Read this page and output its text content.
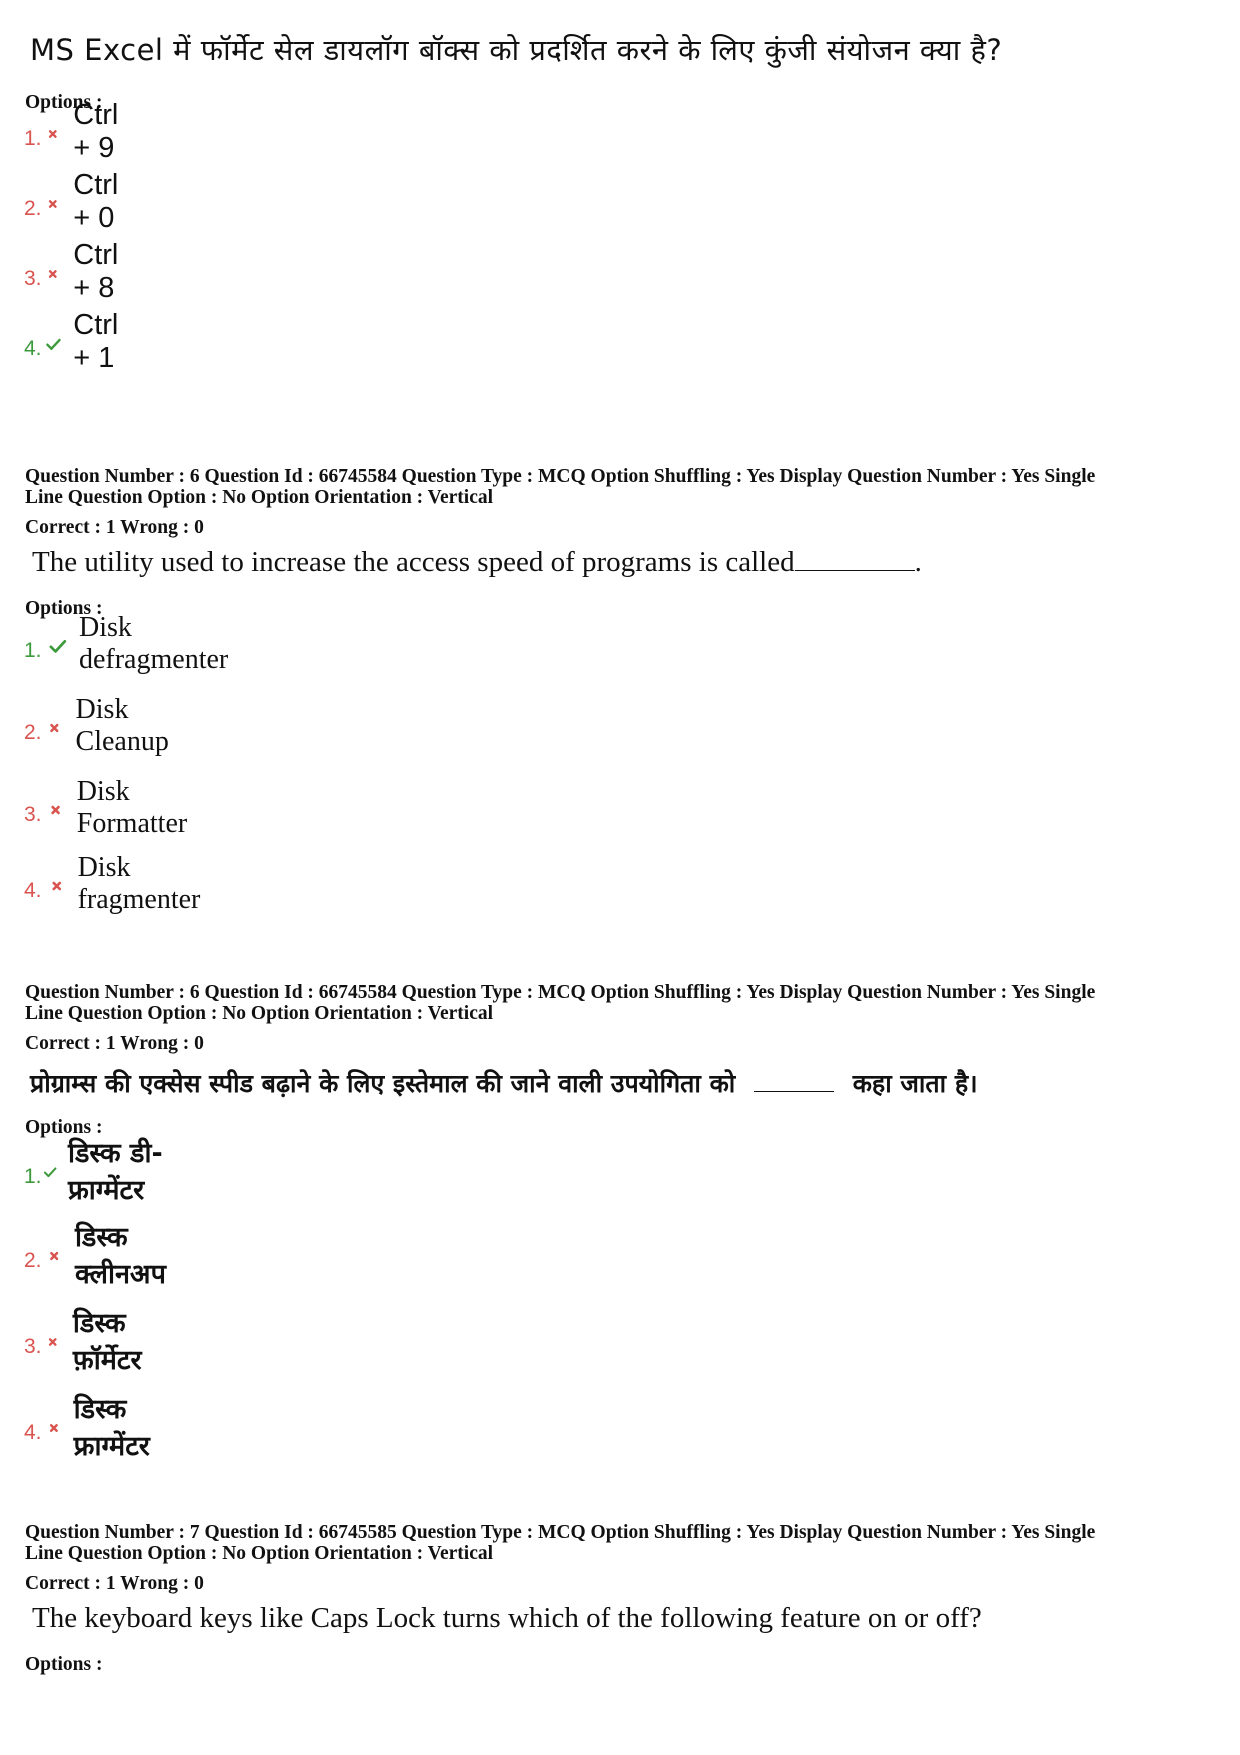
MS Excel में फॉर्मेट सेल डायलॉग बॉक्स को प्रदर्शित करने के लिए कुंजी संयोजन क्या है?
Options :
1.
Ctrl + 9
2.
Ctrl + 0
3.
Ctrl + 8
4.
Ctrl + 1
Question Number : 6 Question Id : 66745584 Question Type : MCQ Option Shuffling : Yes Display Question Number : Yes Single
Line Question Option : No Option Orientation : Vertical
Correct : 1 Wrong : 0
The utility used to increase the access speed of programs is called	.
Options :
1.
Disk defragmenter
2.
Disk Cleanup
3.
Disk Formatter
4.
Disk fragmenter
Question Number : 6 Question Id : 66745584 Question Type : MCQ Option Shuffling : Yes Display Question Number : Yes Single
Line Question Option : No Option Orientation : Vertical
Correct : 1 Wrong : 0
प्रोग्राम्स की एक्सेस स्पीड बढ़ाने के लिए इस्तेमाल की जाने वाली उपयोगिता को	कहा जाता है।
Options :
1.
डिस्क डी-फ्राग्मेंटर
2.
डिस्क क्लीनअप
3.
डिस्क फ़ॉर्मेटर
4.
डिस्क फ्राग्मेंटर
Question Number : 7 Question Id : 66745585 Question Type : MCQ Option Shuffling : Yes Display Question Number : Yes Single
Line Question Option : No Option Orientation : Vertical
Correct : 1 Wrong : 0
The keyboard keys like Caps Lock turns which of the following feature on or off?
Options :
